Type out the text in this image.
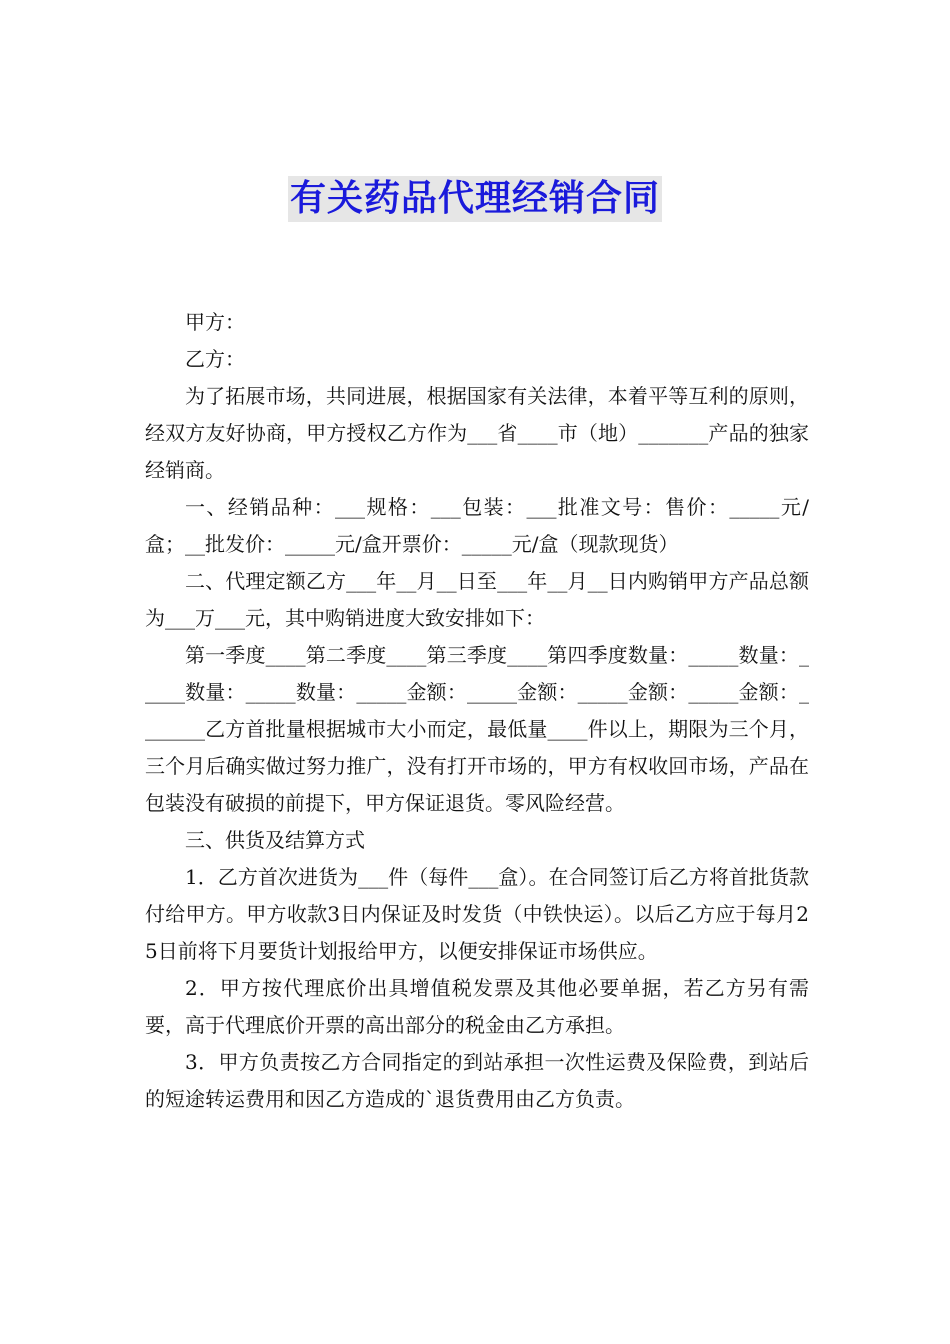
有关药品代理经销合同

甲方：

乙方：

为了拓展市场，共同进展，根据国家有关法律，本着平等互利的原则，经双方友好协商，甲方授权乙方作为___省____市（地）_______产品的独家经销商。

一、经销品种：___规格：___包装：___批准文号：售价：_____元/盒；__批发价：_____元/盒开票价：_____元/盒（现款现货）

二、代理定额乙方___年__月__日至___年__月__日内购销甲方产品总额为___万___元，其中购销进度大致安排如下：

第一季度____第二季度____第三季度____第四季度数量：_____数量：_____数量：_____数量：_____金额：_____金额：_____金额：_____金额：_______乙方首批量根据城市大小而定，最低量____件以上，期限为三个月，三个月后确实做过努力推广，没有打开市场的，甲方有权收回市场，产品在包装没有破损的前提下，甲方保证退货。零风险经营。

三、供货及结算方式

1．乙方首次进货为___件（每件___盒）。在合同签订后乙方将首批货款付给甲方。甲方收款3日内保证及时发货（中铁快运）。以后乙方应于每月25日前将下月要货计划报给甲方，以便安排保证市场供应。

2．甲方按代理底价出具增值税发票及其他必要单据，若乙方另有需要，高于代理底价开票的高出部分的税金由乙方承担。

3．甲方负责按乙方合同指定的到站承担一次性运费及保险费，到站后的短途转运费用和因乙方造成的`退货费用由乙方负责。
